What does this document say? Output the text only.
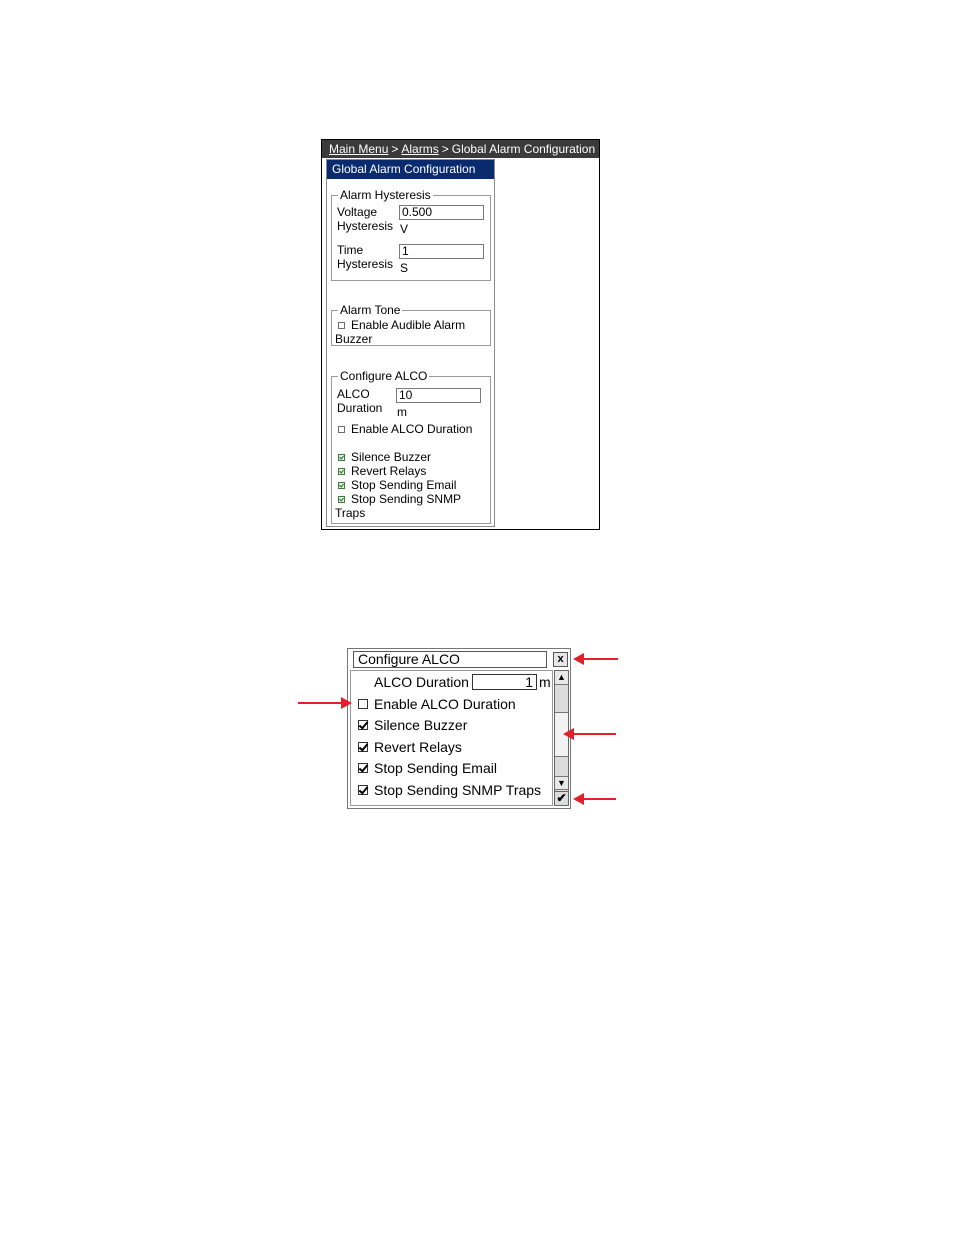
Main Menu > Alarms > Global Alarm Configuration
Global Alarm Configuration
Alarm Hysteresis
Voltage
Hysteresis
0.500
V
Time
Hysteresis
1
S
Alarm Tone
Enable Audible Alarm
Buzzer
Configure ALCO
ALCO
Duration
10
m
Enable ALCO Duration
Silence Buzzer
Revert Relays
Stop Sending Email
Stop Sending SNMP
Traps
Configure ALCO	x
ALCO Duration	1 m
Enable ALCO Duration
Silence Buzzer
Revert Relays
Stop Sending Email
Stop Sending SNMP Traps
▲
▼
✔
